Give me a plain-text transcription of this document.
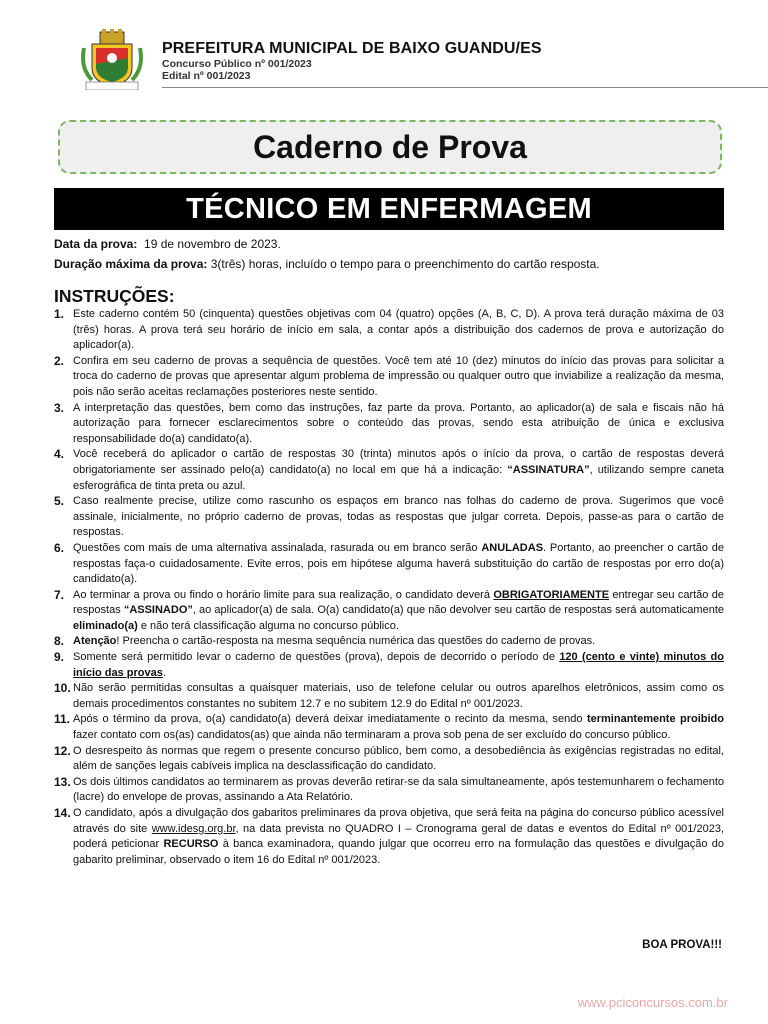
PREFEITURA MUNICIPAL DE BAIXO GUANDU/ES
Concurso Público nº 001/2023
Edital nº 001/2023
Caderno de Prova
TÉCNICO EM ENFERMAGEM
Data da prova: 19 de novembro de 2023.
Duração máxima da prova: 3(três) horas, incluído o tempo para o preenchimento do cartão resposta.
INSTRUÇÕES:
1. Este caderno contém 50 (cinquenta) questões objetivas com 04 (quatro) opções (A, B, C, D). A prova terá duração máxima de 03 (três) horas. A prova terá seu horário de início em sala, a contar após a distribuição dos cadernos de prova e autorização do aplicador(a).
2. Confira em seu caderno de provas a sequência de questões. Você tem até 10 (dez) minutos do início das provas para solicitar a troca do caderno de provas que apresentar algum problema de impressão ou qualquer outro que inviabilize a realização da mesma, pois não serão aceitas reclamações posteriores neste sentido.
3. A interpretação das questões, bem como das instruções, faz parte da prova. Portanto, ao aplicador(a) de sala e fiscais não há autorização para fornecer esclarecimentos sobre o conteúdo das provas, sendo esta atribuição de única e exclusiva responsabilidade do(a) candidato(a).
4. Você receberá do aplicador o cartão de respostas 30 (trinta) minutos após o início da prova, o cartão de respostas deverá obrigatoriamente ser assinado pelo(a) candidato(a) no local em que há a indicação: “ASSINATURA”, utilizando sempre caneta esferográfica de tinta preta ou azul.
5. Caso realmente precise, utilize como rascunho os espaços em branco nas folhas do caderno de prova. Sugerimos que você assinale, inicialmente, no próprio caderno de provas, todas as respostas que julgar correta. Depois, passe-as para o cartão de respostas.
6. Questões com mais de uma alternativa assinalada, rasurada ou em branco serão ANULADAS. Portanto, ao preencher o cartão de respostas faça-o cuidadosamente. Evite erros, pois em hipótese alguma haverá substituição do cartão de respostas por erro do(a) candidato(a).
7. Ao terminar a prova ou findo o horário limite para sua realização, o candidato deverá OBRIGATORIAMENTE entregar seu cartão de respostas “ASSINADO”, ao aplicador(a) de sala. O(a) candidato(a) que não devolver seu cartão de respostas será automaticamente eliminado(a) e não terá classificação alguma no concurso público.
8. Atenção! Preencha o cartão-resposta na mesma sequência numérica das questões do caderno de provas.
9. Somente será permitido levar o caderno de questões (prova), depois de decorrido o período de 120 (cento e vinte) minutos do início das provas.
10. Não serão permitidas consultas a quaisquer materiais, uso de telefone celular ou outros aparelhos eletrônicos, assim como os demais procedimentos constantes no subitem 12.7 e no subitem 12.9 do Edital nº 001/2023.
11. Após o término da prova, o(a) candidato(a) deverá deixar imediatamente o recinto da mesma, sendo terminantemente proibido fazer contato com os(as) candidatos(as) que ainda não terminaram a prova sob pena de ser excluído do concurso público.
12. O desrespeito às normas que regem o presente concurso público, bem como, a desobediência às exigências registradas no edital, além de sanções legais cabíveis implica na desclassificação do candidato.
13. Os dois últimos candidatos ao terminarem as provas deverão retirar-se da sala simultaneamente, após testemunharem o fechamento (lacre) do envelope de provas, assinando a Ata Relatório.
14. O candidato, após a divulgação dos gabaritos preliminares da prova objetiva, que será feita na página do concurso público acessível através do site www.idesg.org.br, na data prevista no QUADRO I – Cronograma geral de datas e eventos do Edital nº 001/2023, poderá peticionar RECURSO à banca examinadora, quando julgar que ocorreu erro na formulação das questões e divulgação do gabarito preliminar, observado o item 16 do Edital nº 001/2023.
BOA PROVA!!!
www.pciconcursos.com.br
